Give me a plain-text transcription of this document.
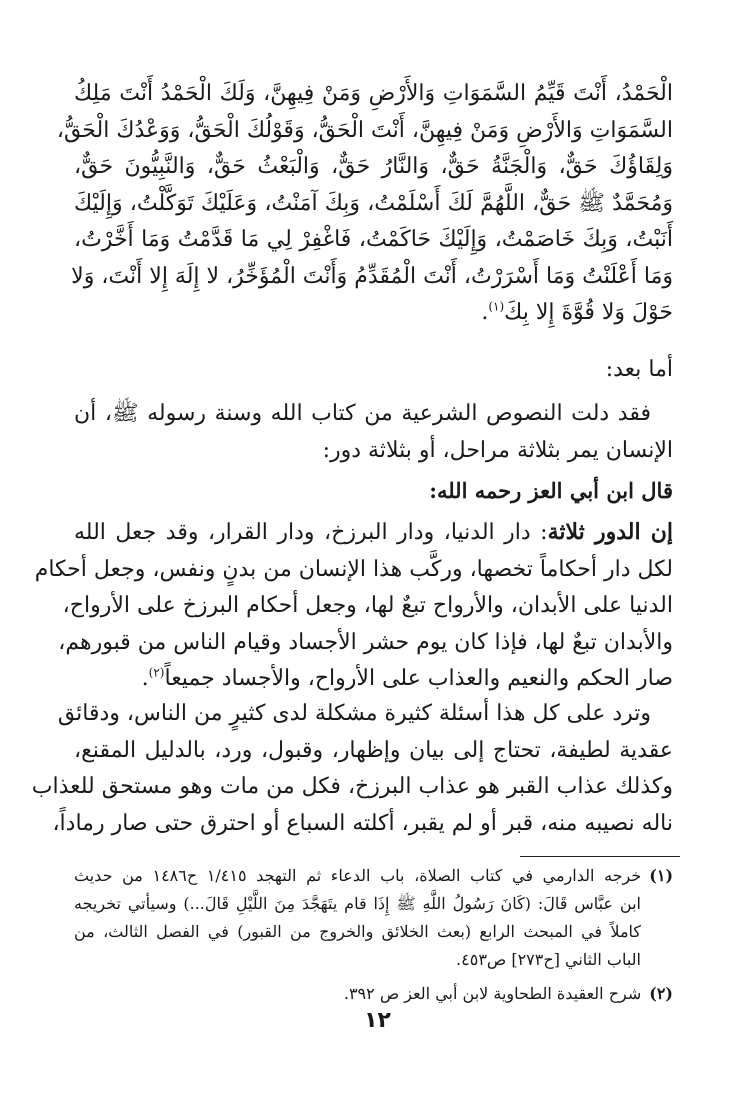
الْحَمْدُ، أَنْتَ قَيِّمُ السَّمَوَاتِ وَالأَرْضِ وَمَنْ فِيهِنَّ، وَلَكَ الْحَمْدُ أَنْتَ مَلِكُ
السَّمَوَاتِ وَالأَرْضِ وَمَنْ فِيهِنَّ، أَنْتَ الْحَقُّ، وَقَوْلُكَ الْحَقُّ، وَوَعْدُكَ الْحَقُّ،
وَلِقَاؤُكَ حَقٌّ، وَالْجَنَّةُ حَقٌّ، وَالنَّارُ حَقٌّ، وَالْبَعْثُ حَقٌّ، وَالنَّبِيُّونَ حَقٌّ،
وَمُحَمَّدٌ ﷺ حَقٌّ، اللَّهُمَّ لَكَ أَسْلَمْتُ، وَبِكَ آمَنْتُ، وَعَلَيْكَ تَوَكَّلْتُ، وَإِلَيْكَ
أَنَبْتُ، وَبِكَ خَاصَمْتُ، وَإِلَيْكَ حَاكَمْتُ، فَاغْفِرْ لِي مَا قَدَّمْتُ وَمَا أَخَّرْتُ،
وَمَا أَعْلَنْتُ وَمَا أَسْرَرْتُ، أَنْتَ الْمُقَدِّمُ وَأَنْتَ الْمُؤَخِّرُ، لا إِلَهَ إِلا أَنْتَ، وَلا
حَوْلَ وَلا قُوَّةَ إِلا بِكَ$^{(١)}$.
أما بعد:
فقد دلت النصوص الشرعية من كتاب الله وسنة رسوله ﷺ، أن
الإنسان يمر بثلاثة مراحل، أو بثلاثة دور:
قال ابن أبي العز رحمه الله:
إن الدور ثلاثة: دار الدنيا، ودار البرزخ، ودار القرار، وقد جعل الله
لكل دار أحكاماً تخصها، وركَّب هذا الإنسان من بدنٍ ونفس، وجعل أحكام
الدنيا على الأبدان، والأرواح تبعٌ لها، وجعل أحكام البرزخ على الأرواح،
والأبدان تبعٌ لها، فإذا كان يوم حشر الأجساد وقيام الناس من قبورهم،
صار الحكم والنعيم والعذاب على الأرواح، والأجساد جميعاً$^{(٢)}$.
وترد على كل هذا أسئلة كثيرة مشكلة لدى كثيرٍ من الناس، ودقائق
عقدية لطيفة، تحتاج إلى بيان وإظهار، وقبول، ورد، بالدليل المقنع،
وكذلك عذاب القبر هو عذاب البرزخ، فكل من مات وهو مستحق للعذاب
ناله نصيبه منه، قبر أو لم يقبر، أكلته السباع أو احترق حتى صار رماداً،
(١)خرجه الدارمي في كتاب الصلاة، باب الدعاء ثم التهجد ١/٤١٥ ح١٤٨٦ من حديث
ابن عبَّاس قَالَ: (كَانَ رَسُولُ اللَّهِ ﷺ إِذَا قام يتَهَجَّدَ مِنَ اللَّيْلِ قَالَ...) وسيأتي تخريجه
كاملاً في المبحث الرابع (بعث الخلائق والخروج من القبور) في الفصل الثالث، من
الباب الثاني [ح٢٧٣] ص٤٥٣.
(٢)شرح العقيدة الطحاوية لابن أبي العز ص ٣٩٢.
١٢
